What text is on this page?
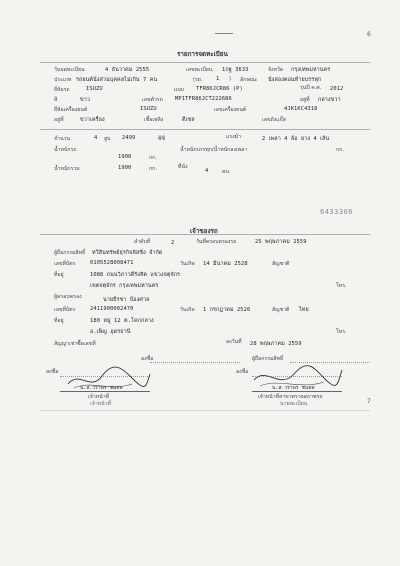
6
รายการจดทะเบียน
วันจดทะเบียน	4 ธันวาคม 2555	เลขทะเบียน 1กฐ 3633	จังหวัด กรุงเทพมหานคร
ประเภท รถยนต์นั่งส่วนบุคคลไม่เกิน 7 คน	(รย.	1 ) ลักษณะ นั่งสองตอนท้ายบรรทุก
ยี่ห้อรถ	ISUZU	แบบ TFR86JCR86 (P)	รุ่นปี ค.ศ. 2012
สี	ขาว	เลขตัวรถ MP1TFR86JCT222686	อยู่ที่ กลางขวา
ยี่ห้อเครื่องยนต์	ISUZU	เลขเครื่องยนต์	4JK1KC4318
อยู่ที่	ขวาเครื่อง	เชื้อเพลิง	ดีเซล	เลขถังแก๊ส
จำนวน	4 สูบ 2499	ซีซี	แรงม้า	2 เพลา 4 ล้อ ยาง 4 เส้น
น้ำหนักรถ
1900	กก.
น้ำหนักบรรทุก/น้ำหนักลงเพลา	กก.
น้ำหนักรวม	1900	กก.	ที่นั่ง
4	คน
6433306
เจ้าของรถ
ลำดับที่	2	วันที่ครอบครองรถ	25 พฤษภาคม 2559
ผู้ถือกรรมสิทธิ์ ทวีสินทรัพย์ธุรกิจลิสซิ่ง จำกัด
เลขที่บัตร	0105528008471	วันเกิด 14 มีนาคม 2528	สัญชาติ
ที่อยู่	1088 ถนนวิภาวดีรังสิต แขวงจตุจักร
เขตจตุจักร กรุงเทพมหานคร	โทร.
ผู้ครอบครอง	นายธีรชา ป้องศาล
เลขที่บัตร	2411900002470	วันเกิด 1 กรกฎาคม 2526	สัญชาติ ไทย
ที่อยู่	180 หมู่ 12 ต.โคกกลาง
อ.เพ็ญ อุดรธานี	โทร.
สัญญาเช่าซื้อเลขที่	ลงวันที่ 28 พฤษภาคม 2559
ลงชื่อ	ผู้ถือกรรมสิทธิ์
ลงชื่อ	ลงชื่อ
น.ส.วราพร ชนชล
เจ้าหน้าที่
เจ้าหน้าที่
น.ส.วราพร ชนชล
เจ้าหน้าที่สาขาตรวจสภาพรถ
นายทะเบียน	7
